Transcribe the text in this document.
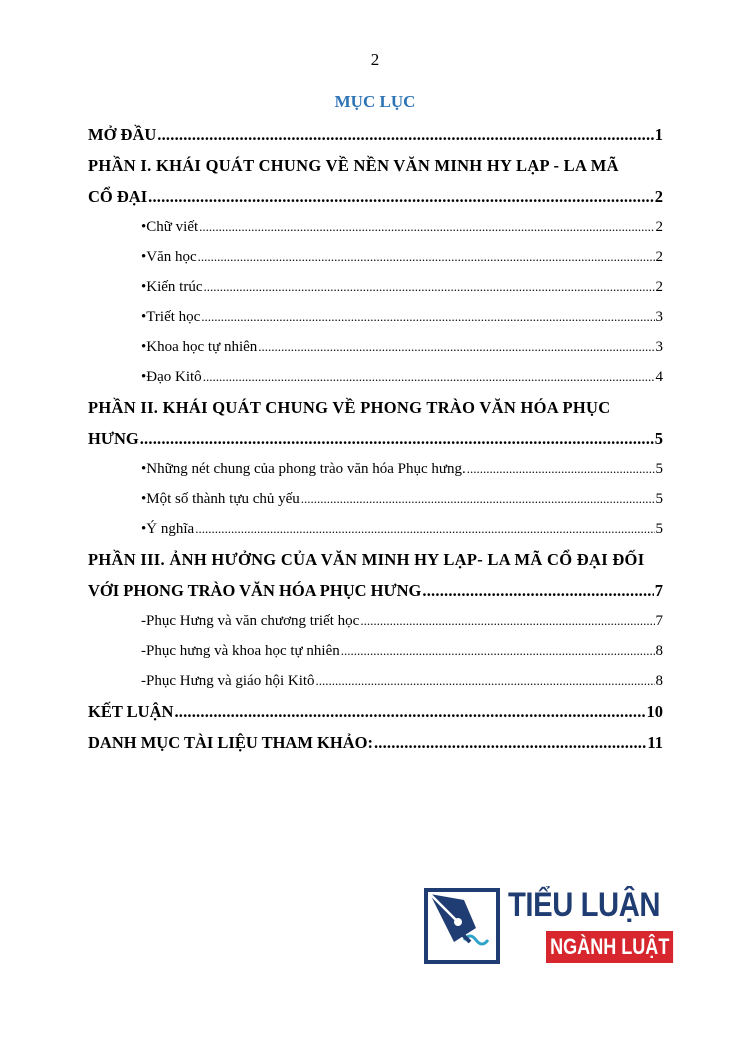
2
MỤC LỤC
MỞ ĐẦU .....	1
PHẦN I. KHÁI QUÁT CHUNG VỀ NỀN VĂN MINH HY LẠP - LA MÃ
CỔ ĐẠI .....	2
• Chữ viết .....	2
• Văn học .....	2
• Kiến trúc .....	2
• Triết học .....	3
• Khoa học tự nhiên .....	3
• Đạo Kitô .....	4
PHẦN II. KHÁI QUÁT CHUNG VỀ PHONG TRÀO VĂN HÓA PHỤC
HƯNG .....	5
• Những nét chung của phong trào văn hóa Phục hưng. .....	5
• Một số thành tựu chủ yếu .....	5
• Ý nghĩa .....	5
PHẦN III. ẢNH HƯỞNG CỦA VĂN MINH HY LẠP- LA MÃ CỔ ĐẠI ĐỐI
VỚI PHONG TRÀO VĂN HÓA PHỤC HƯNG .....	7
- Phục Hưng và văn chương triết học .....	7
- Phục hưng và khoa học tự nhiên .....	8
- Phục Hưng và giáo hội Kitô .....	8
KẾT LUẬN .....	10
DANH MỤC TÀI LIỆU THAM KHẢO: .....	11
TIỂU LUẬN
NGÀNH LUẬT
